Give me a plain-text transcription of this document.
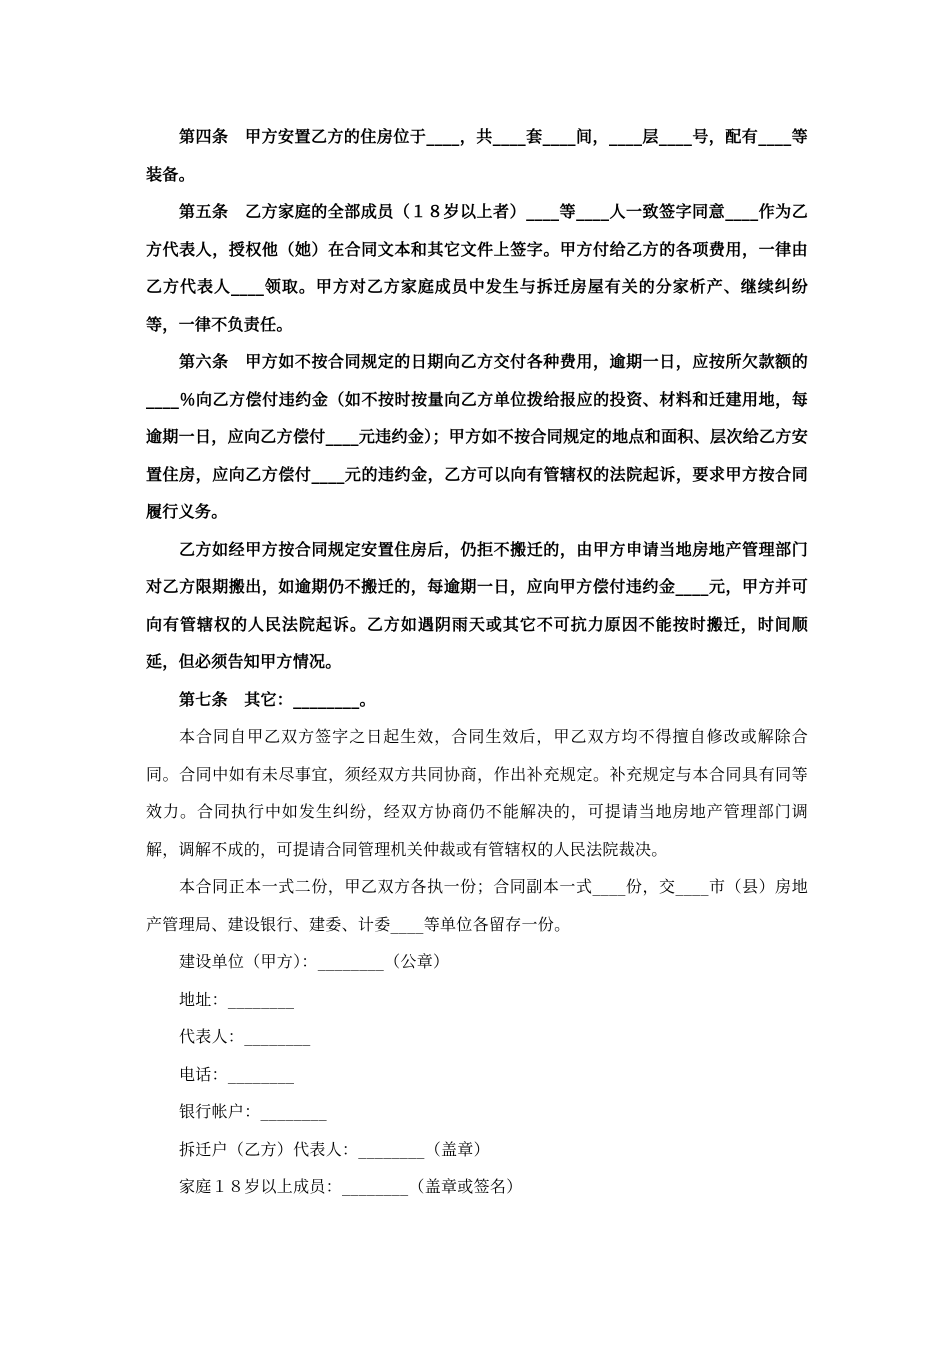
第四条　甲方安置乙方的住房位于____，共____套____间，____层____号，配有____等装备。

第五条　乙方家庭的全部成员（１８岁以上者）____等____人一致签字同意____作为乙方代表人，授权他（她）在合同文本和其它文件上签字。甲方付给乙方的各项费用，一律由乙方代表人____领取。甲方对乙方家庭成员中发生与拆迁房屋有关的分家析产、继续纠纷等，一律不负责任。

第六条　甲方如不按合同规定的日期向乙方交付各种费用，逾期一日，应按所欠款额的____％向乙方偿付违约金（如不按时按量向乙方单位拨给报应的投资、材料和迁建用地，每逾期一日，应向乙方偿付____元违约金）；甲方如不按合同规定的地点和面积、层次给乙方安置住房，应向乙方偿付____元的违约金，乙方可以向有管辖权的法院起诉，要求甲方按合同履行义务。

乙方如经甲方按合同规定安置住房后，仍拒不搬迁的，由甲方申请当地房地产管理部门对乙方限期搬出，如逾期仍不搬迁的，每逾期一日，应向甲方偿付违约金____元，甲方并可向有管辖权的人民法院起诉。乙方如遇阴雨天或其它不可抗力原因不能按时搬迁，时间顺延，但必须告知甲方情况。

第七条　其它：________。

本合同自甲乙双方签字之日起生效，合同生效后，甲乙双方均不得擅自修改或解除合同。合同中如有未尽事宜，须经双方共同协商，作出补充规定。补充规定与本合同具有同等效力。合同执行中如发生纠纷，经双方协商仍不能解决的，可提请当地房地产管理部门调解，调解不成的，可提请合同管理机关仲裁或有管辖权的人民法院裁决。

本合同正本一式二份，甲乙双方各执一份；合同副本一式____份，交____市（县）房地产管理局、建设银行、建委、计委____等单位各留存一份。

建设单位（甲方）：________（公章）

地址：________

代表人：________

电话：________

银行帐户：________

拆迁户（乙方）代表人：________（盖章）

家庭１８岁以上成员：________（盖章或签名）
